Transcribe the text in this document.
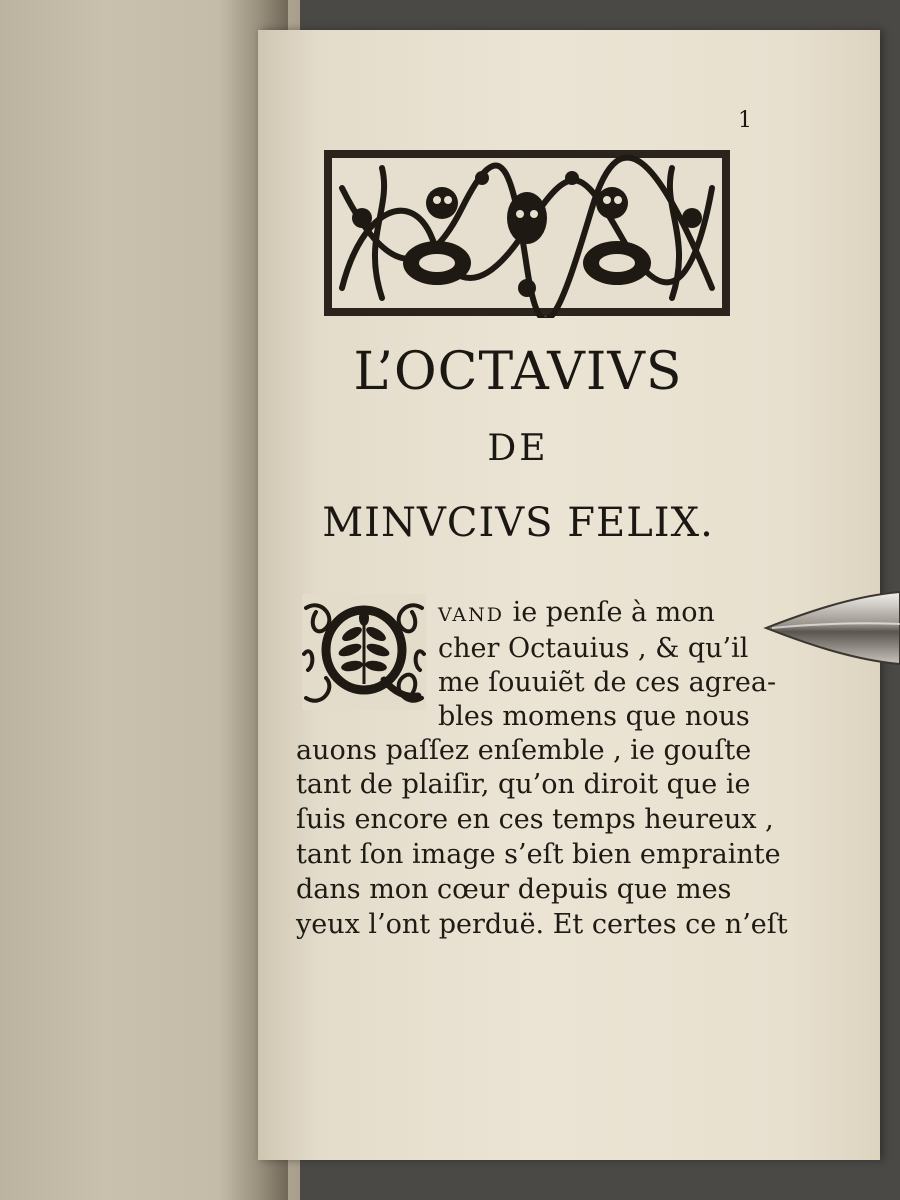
1
L’OCTAVIVS
DE
MINVCIVS FELIX.
VAND ie penſe à mon
cher Octauius , & qu’il
me ſouuiẽt de ces agrea-
bles momens que nous
auons paſſez enſemble , ie gouſte
tant de plaiſir, qu’on diroit que ie
ſuis encore en ces temps heureux ,
tant ſon image s’eſt bien emprainte
dans mon cœur depuis que mes
yeux l’ont perduë. Et certes ce n’eſt
